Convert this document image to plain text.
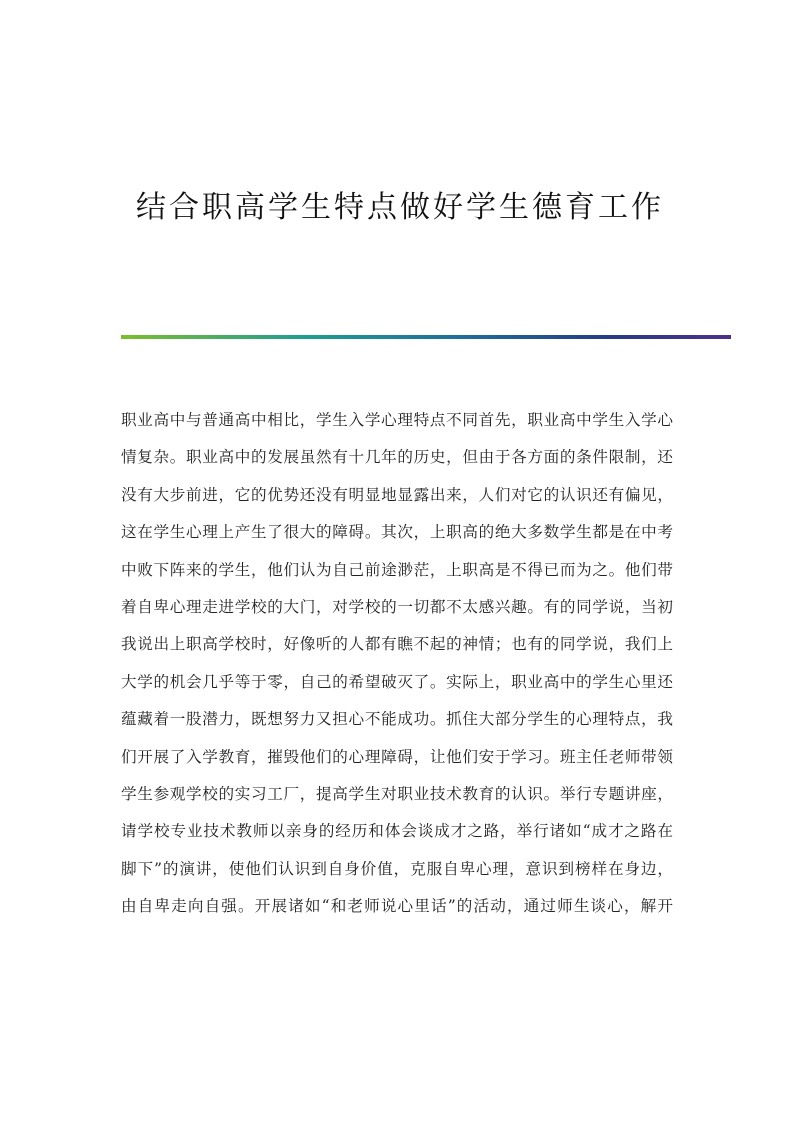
结合职高学生特点做好学生德育工作
职业高中与普通高中相比，学生入学心理特点不同首先，职业高中学生入学心
情复杂。职业高中的发展虽然有十几年的历史，但由于各方面的条件限制，还
没有大步前进，它的优势还没有明显地显露出来，人们对它的认识还有偏见，
这在学生心理上产生了很大的障碍。其次，上职高的绝大多数学生都是在中考
中败下阵来的学生，他们认为自己前途渺茫，上职高是不得已而为之。他们带
着自卑心理走进学校的大门，对学校的一切都不太感兴趣。有的同学说，当初
我说出上职高学校时，好像听的人都有瞧不起的神情；也有的同学说，我们上
大学的机会几乎等于零，自己的希望破灭了。实际上，职业高中的学生心里还
蕴藏着一股潜力，既想努力又担心不能成功。抓住大部分学生的心理特点，我
们开展了入学教育，摧毁他们的心理障碍，让他们安于学习。班主任老师带领
学生参观学校的实习工厂，提高学生对职业技术教育的认识。举行专题讲座，
请学校专业技术教师以亲身的经历和体会谈成才之路，举行诸如“成才之路在
脚下”的演讲，使他们认识到自身价值，克服自卑心理，意识到榜样在身边，
由自卑走向自强。开展诸如“和老师说心里话”的活动，通过师生谈心，解开
